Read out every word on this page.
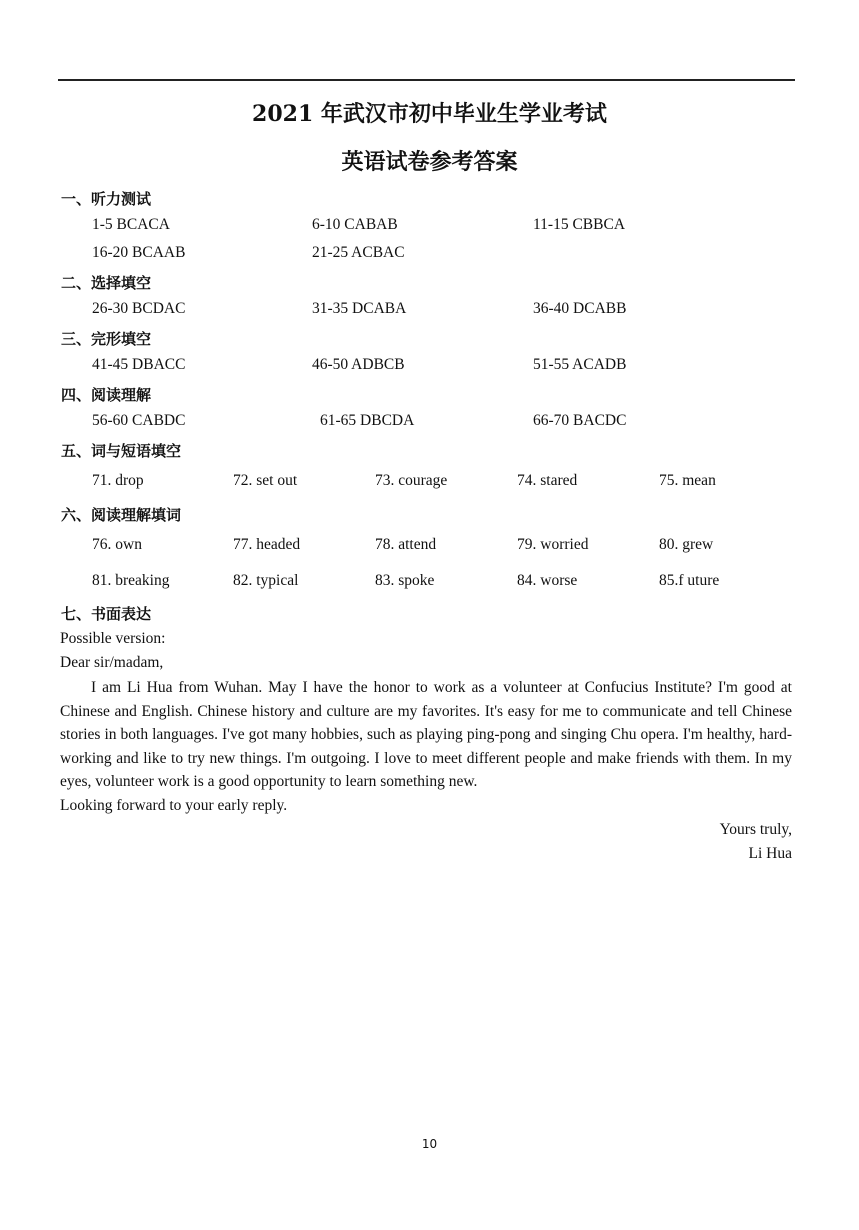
2021 年武汉市初中毕业生学业考试
英语试卷参考答案
一、听力测试
1-5 BCACA	6-10 CABAB	11-15 CBBCA
16-20 BCAAB	21-25 ACBAC
二、选择填空
26-30 BCDAC	31-35 DCABA	36-40 DCABB
三、完形填空
41-45 DBACC	46-50 ADBCB	51-55 ACADB
四、阅读理解
56-60 CABDC	61-65 DBCDA	66-70 BACDC
五、词与短语填空
71. drop	72. set out	73. courage	74. stared	75. mean
六、阅读理解填词
76. own	77. headed	78. attend	79. worried	80. grew
81. breaking	82. typical	83. spoke	84. worse	85.f uture
七、书面表达
Possible version:
Dear sir/madam,
I am Li Hua from Wuhan. May I have the honor to work as a volunteer at Confucius Institute? I'm good at Chinese and English. Chinese history and culture are my favorites. It's easy for me to communicate and tell Chinese stories in both languages. I've got many hobbies, such as playing ping-pong and singing Chu opera. I'm healthy, hard-working and like to try new things. I'm outgoing. I love to meet different people and make friends with them. In my eyes, volunteer work is a good opportunity to learn something new.
Looking forward to your early reply.
Yours truly,
Li Hua
10
